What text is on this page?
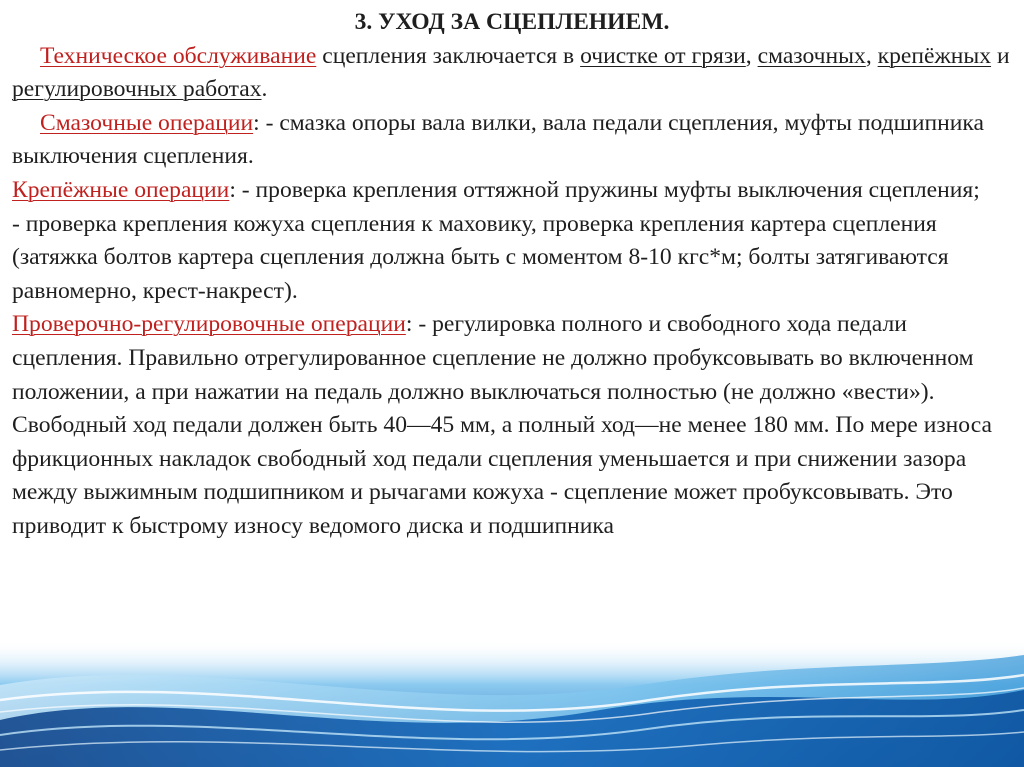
3. УХОД ЗА СЦЕПЛЕНИЕМ.

Техническое обслуживание сцепления заключается в очистке от грязи, смазочных, крепёжных и регулировочных работах.

Смазочные операции: - смазка опоры вала вилки, вала педали сцепления, муфты подшипника выключения сцепления.

Крепёжные операции: - проверка крепления оттяжной пружины муфты выключения сцепления;

- проверка крепления кожуха сцепления к маховику, проверка крепления картера сцепления (затяжка болтов картера сцепления должна быть с моментом 8-10 кгс*м; болты затягиваются равномерно, крест-накрест).

Проверочно-регулировочные операции: - регулировка полного и свободного хода педали сцепления. Правильно отрегулированное сцепление не должно пробуксовывать во включенном положении, а при нажатии на педаль должно выключаться полностью (не должно «вести»). Свободный ход педали должен быть 40—45 мм, а полный ход—не менее 180 мм. По мере износа фрикционных накладок свободный ход педали сцепления уменьшается и при снижении зазора между выжимным подшипником и рычагами кожуха - сцепление может пробуксовывать. Это приводит к быстрому износу ведомого диска и подшипника
